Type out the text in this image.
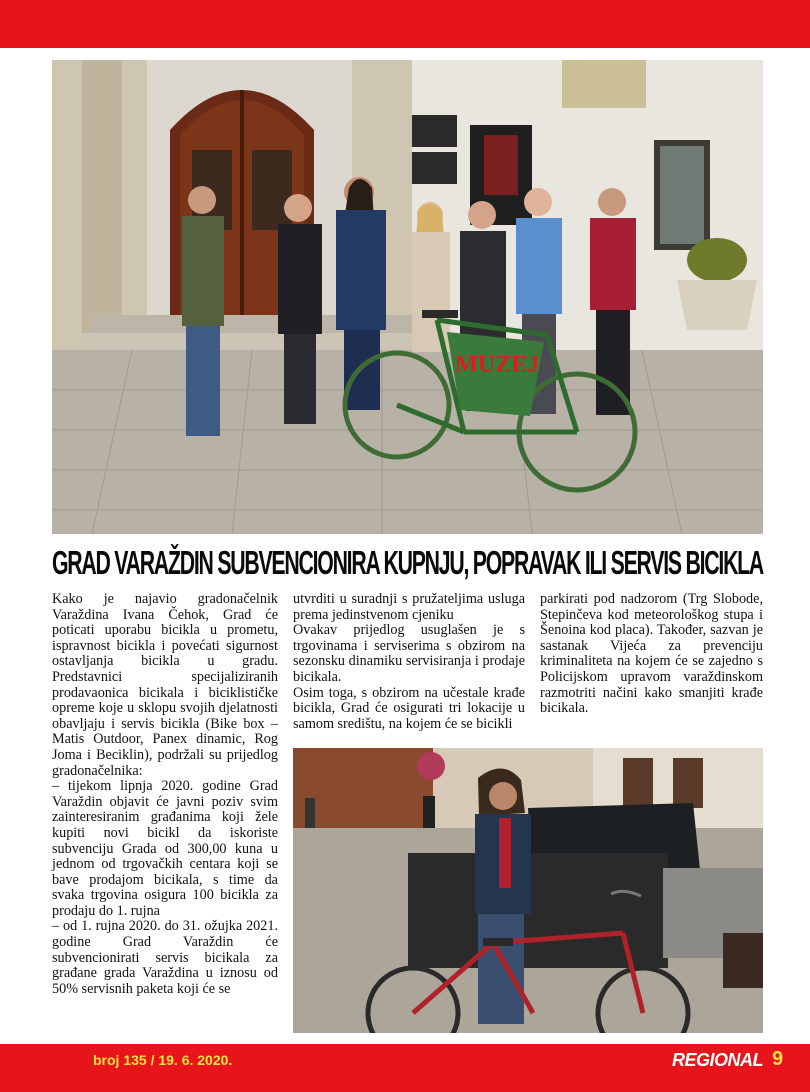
MUZEJ
GRAD VARAŽDIN SUBVENCIONIRA KUPNJU, POPRAVAK ILI SERVIS BICIKLA

Kako je najavio gradonačelnik Varaždina Ivana Čehok, Grad će poticati uporabu bicikla u prometu, ispravnost bicikla i povećati sigurnost ostavljanja bicikla u gradu. Predstavnici specijaliziranih prodavaonica bicikala i biciklističke opreme koje u sklopu svojih djelatnosti obavljaju i servis bicikla (Bike box – Matis Outdoor, Panex dinamic, Rog Joma i Beciklin), podržali su prijedlog gradonačelnika:

– tijekom lipnja 2020. godine Grad Varaždin objavit će javni poziv svim zainteresiranim građanima koji žele kupiti novi bicikl da iskoriste subvenciju Grada od 300,00 kuna u jednom od trgovačkih centara koji se bave prodajom bicikala, s time da svaka trgovina osigura 100 bicikla za prodaju do 1. rujna

– od 1. rujna 2020. do 31. ožujka 2021. godine Grad Varaždin će subvencionirati servis bicikala za građane grada Varaždina u iznosu od 50% servisnih paketa koji će se

utvrditi u suradnji s pružateljima usluga prema jedinstvenom cjeniku

Ovakav prijedlog usuglašen je s trgovinama i serviserima s obzirom na sezonsku dinamiku servisiranja i prodaje bicikala.

Osim toga, s obzirom na učestale krađe bicikla, Grad će osigurati tri lokacije u samom središtu, na kojem će se bicikli

parkirati pod nadzorom (Trg Slobode, Stepinčeva kod meteorološkog stupa i Šenoina kod placa). Također, sazvan je sastanak Vijeća za prevenciju kriminaliteta na kojem će se zajedno s Policijskom upravom varaždinskom razmotriti načini kako smanjiti krađe bicikala.

broj 135 / 19. 6. 2020.	REGIONAL 9
